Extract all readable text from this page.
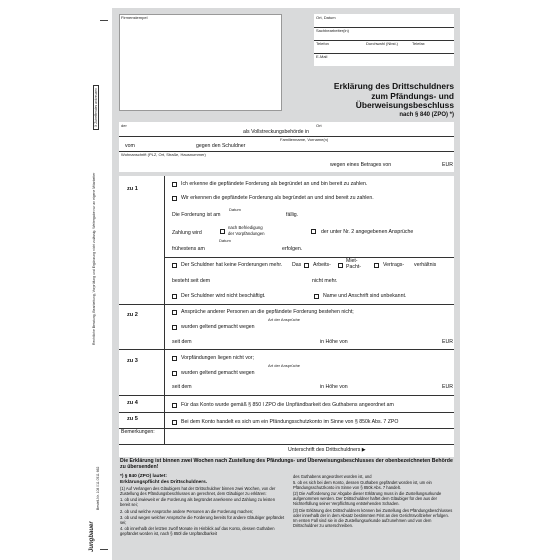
X Zutreffendes ankreuzen
Rechtliche Beratung, Bearbeitung, Vorprüfung und Ergänzung nicht zulässig. Weitergabe nur an eigene Mitarbeiter
Bestell-Nr. 108 011 0511 662
Jungbauer
Firmenstempel	Ort, Datum
Sachbearbeiter(in)
Telefon	Durchwahl (Nbst.)	Telefax
E-Mail
Erklärung des Drittschuldners
zum Pfändungs- und
Überweisungsbeschluss
nach § 840 (ZPO) *)
der	Ort
als Vollstreckungsbehörde in
Familienname, Vorname(n)
vom	gegen den Schuldner
Wohnanschrift (PLZ, Ort, Straße, Hausnummer)
wegen eines Betrages von	EUR
zu 1
Ich erkenne die gepfändete Forderung als begründet an und bin bereit zu zahlen.
Wir erkennen die gepfändete Forderung als begründet an und sind bereit zu zahlen.
Datum
Die Forderung ist am	fällig.
Zahlung wird
nach Befriedigung
der Vorpfändungen	der unter Nr. 2 angegebenen Ansprüche
Datum
frühestens am	erfolgen.
Der Schuldner hat keine Forderungen mehr. Das Arbeits-
Miet-
Pacht-	Vertrags- verhältnis
besteht seit dem	nicht mehr.
Der Schuldner wird nicht beschäftigt.	Name und Anschrift sind unbekannt.
zu 2	Ansprüche anderer Personen an die gepfändete Forderung bestehen nicht;
Art der Ansprüche
wurden geltend gemacht wegen
seit dem	in Höhe von	EUR
zu 3	Vorpfändungen liegen nicht vor;
Art der Ansprüche
wurden geltend gemacht wegen
seit dem	in Höhe von	EUR
zu 4	Für das Konto wurde gemäß § 850 l ZPO die Unpfändbarkeit des Guthabens angeordnet am
zu 5	Bei dem Konto handelt es sich um ein Pfändungsschutzkonto im Sinne von § 850k Abs. 7 ZPO
Bemerkungen:
Unterschrift des Drittschuldners ▶
Die Erklärung ist binnen zwei Wochen nach Zustellung des Pfändungs- und Überweisungsbeschlusses der obenbezeichneten Behörde zu übersenden!

*) § 840 (ZPO) lautet:

Erklärungspflicht des Drittschuldners.

(1) Auf Verlangen des Gläubigers hat der Drittschuldner binnen zwei Wochen, von der Zustellung des Pfändungsbeschlusses an gerechnet, dem Gläubiger zu erklären:

1. ob und inwieweit er die Forderung als begründet anerkenne und Zahlung zu leisten bereit sei;

2. ob und welche Ansprüche andere Personen an die Forderung machen;

3. ob und wegen welcher Ansprüche die Forderung bereits für andere Gläubiger gepfändet sei;

4. ob innerhalb der letzten zwölf Monate im Hinblick auf das Konto, dessen Guthaben gepfändet worden ist, nach § 850l die Unpfändbarkeit

des Guthabens angeordnet worden ist, und

5. ob es sich bei dem Konto, dessen Guthaben gepfändet worden ist, um ein Pfändungsschutzkonto im Sinne von § 850k Abs. 7 handelt.

(2) Die Aufforderung zur Abgabe dieser Erklärung muss in die Zustellungsurkunde aufgenommen werden. Der Drittschuldner haftet dem Gläubiger für den aus der Nichterfüllung seiner Verpflichtung entstehenden Schaden.

(3) Die Erklärung des Drittschuldners können bei Zustellung des Pfändungsbeschlusses oder innerhalb der in dem Absatz bestimmten Frist an den Gerichtsvollzieher erfolgen. Im ersten Fall sind sie in die Zustellungsurkunde aufzunehmen und von dem Drittschuldner zu unterschreiben.
